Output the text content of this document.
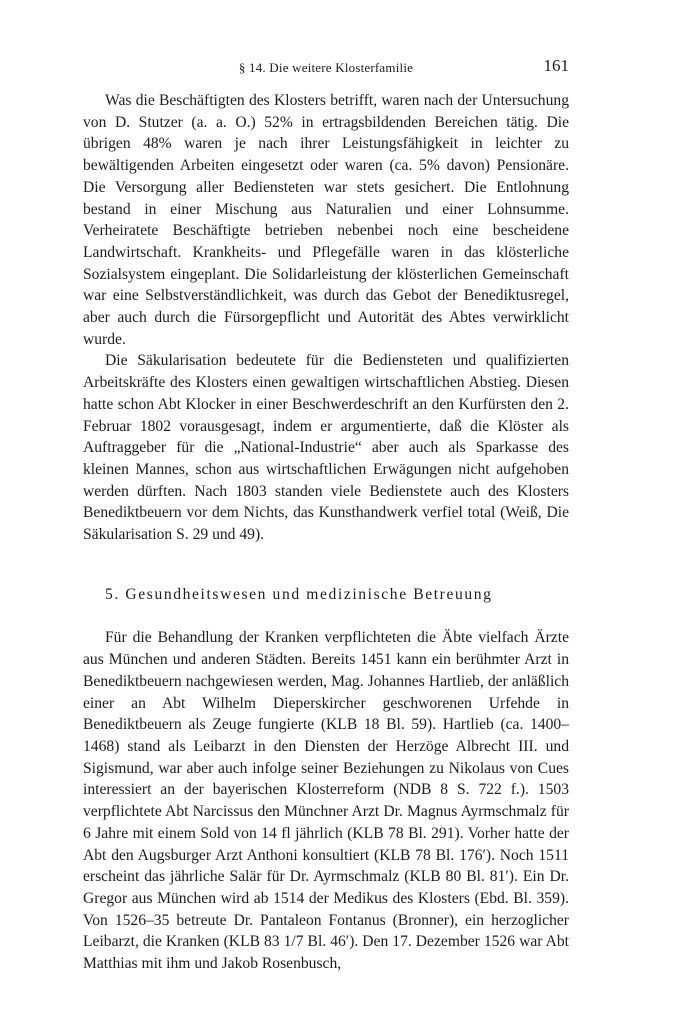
§ 14. Die weitere Klosterfamilie	161

Was die Beschäftigten des Klosters betrifft, waren nach der Untersuchung von D. Stutzer (a. a. O.) 52% in ertragsbildenden Bereichen tätig. Die übrigen 48% waren je nach ihrer Leistungsfähigkeit in leichter zu bewältigenden Arbeiten eingesetzt oder waren (ca. 5% davon) Pensionäre. Die Versorgung aller Bediensteten war stets gesichert. Die Entlohnung bestand in einer Mischung aus Naturalien und einer Lohnsumme. Verheiratete Beschäftigte betrieben nebenbei noch eine bescheidene Landwirtschaft. Krankheits- und Pflegefälle waren in das klösterliche Sozialsystem eingeplant. Die Solidarleistung der klösterlichen Gemeinschaft war eine Selbstverständlichkeit, was durch das Gebot der Benediktusregel, aber auch durch die Fürsorgepflicht und Autorität des Abtes verwirklicht wurde.

Die Säkularisation bedeutete für die Bediensteten und qualifizierten Arbeitskräfte des Klosters einen gewaltigen wirtschaftlichen Abstieg. Diesen hatte schon Abt Klocker in einer Beschwerdeschrift an den Kurfürsten den 2. Februar 1802 vorausgesagt, indem er argumentierte, daß die Klöster als Auftraggeber für die „National-Industrie“ aber auch als Sparkasse des kleinen Mannes, schon aus wirtschaftlichen Erwägungen nicht aufgehoben werden dürften. Nach 1803 standen viele Bedienstete auch des Klosters Benediktbeuern vor dem Nichts, das Kunsthandwerk verfiel total (Weiß, Die Säkularisation S. 29 und 49).

5. Gesundheitswesen und medizinische Betreuung

Für die Behandlung der Kranken verpflichteten die Äbte vielfach Ärzte aus München und anderen Städten. Bereits 1451 kann ein berühmter Arzt in Benediktbeuern nachgewiesen werden, Mag. Johannes Hartlieb, der anläßlich einer an Abt Wilhelm Dieperskircher geschworenen Urfehde in Benediktbeuern als Zeuge fungierte (KLB 18 Bl. 59). Hartlieb (ca. 1400–1468) stand als Leibarzt in den Diensten der Herzöge Albrecht III. und Sigismund, war aber auch infolge seiner Beziehungen zu Nikolaus von Cues interessiert an der bayerischen Klosterreform (NDB 8 S. 722 f.). 1503 verpflichtete Abt Narcissus den Münchner Arzt Dr. Magnus Ayrmschmalz für 6 Jahre mit einem Sold von 14 fl jährlich (KLB 78 Bl. 291). Vorher hatte der Abt den Augsburger Arzt Anthoni konsultiert (KLB 78 Bl. 176′). Noch 1511 erscheint das jährliche Salär für Dr. Ayrmschmalz (KLB 80 Bl. 81′). Ein Dr. Gregor aus München wird ab 1514 der Medikus des Klosters (Ebd. Bl. 359). Von 1526–35 betreute Dr. Pantaleon Fontanus (Bronner), ein herzoglicher Leibarzt, die Kranken (KLB 83 1/7 Bl. 46′). Den 17. Dezember 1526 war Abt Matthias mit ihm und Jakob Rosenbusch,
